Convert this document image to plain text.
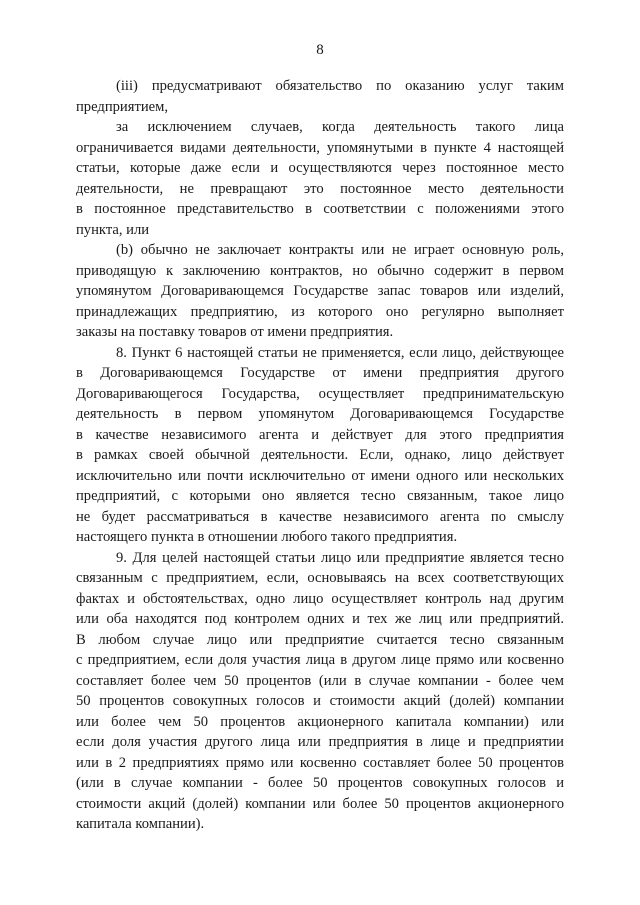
8
(iii) предусматривают обязательство по оказанию услуг таким
предприятием,
за исключением случаев, когда деятельность такого лица
ограничивается видами деятельности, упомянутыми в пункте 4 настоящей
статьи, которые даже если и осуществляются через постоянное место
деятельности, не превращают это постоянное место деятельности
в постоянное представительство в соответствии с положениями этого
пункта, или
(b) обычно не заключает контракты или не играет основную роль,
приводящую к заключению контрактов, но обычно содержит в первом
упомянутом Договаривающемся Государстве запас товаров или изделий,
принадлежащих предприятию, из которого оно регулярно выполняет
заказы на поставку товаров от имени предприятия.
8. Пункт 6 настоящей статьи не применяется, если лицо, действующее
в Договаривающемся Государстве от имени предприятия другого
Договаривающегося Государства, осуществляет предпринимательскую
деятельность в первом упомянутом Договаривающемся Государстве
в качестве независимого агента и действует для этого предприятия
в рамках своей обычной деятельности. Если, однако, лицо действует
исключительно или почти исключительно от имени одного или нескольких
предприятий, с которыми оно является тесно связанным, такое лицо
не будет рассматриваться в качестве независимого агента по смыслу
настоящего пункта в отношении любого такого предприятия.
9. Для целей настоящей статьи лицо или предприятие является тесно
связанным с предприятием, если, основываясь на всех соответствующих
фактах и обстоятельствах, одно лицо осуществляет контроль над другим
или оба находятся под контролем одних и тех же лиц или предприятий.
В любом случае лицо или предприятие считается тесно связанным
с предприятием, если доля участия лица в другом лице прямо или косвенно
составляет более чем 50 процентов (или в случае компании - более чем
50 процентов совокупных голосов и стоимости акций (долей) компании
или более чем 50 процентов акционерного капитала компании) или
если доля участия другого лица или предприятия в лице и предприятии
или в 2 предприятиях прямо или косвенно составляет более 50 процентов
(или в случае компании - более 50 процентов совокупных голосов и
стоимости акций (долей) компании или более 50 процентов акционерного
капитала компании).
